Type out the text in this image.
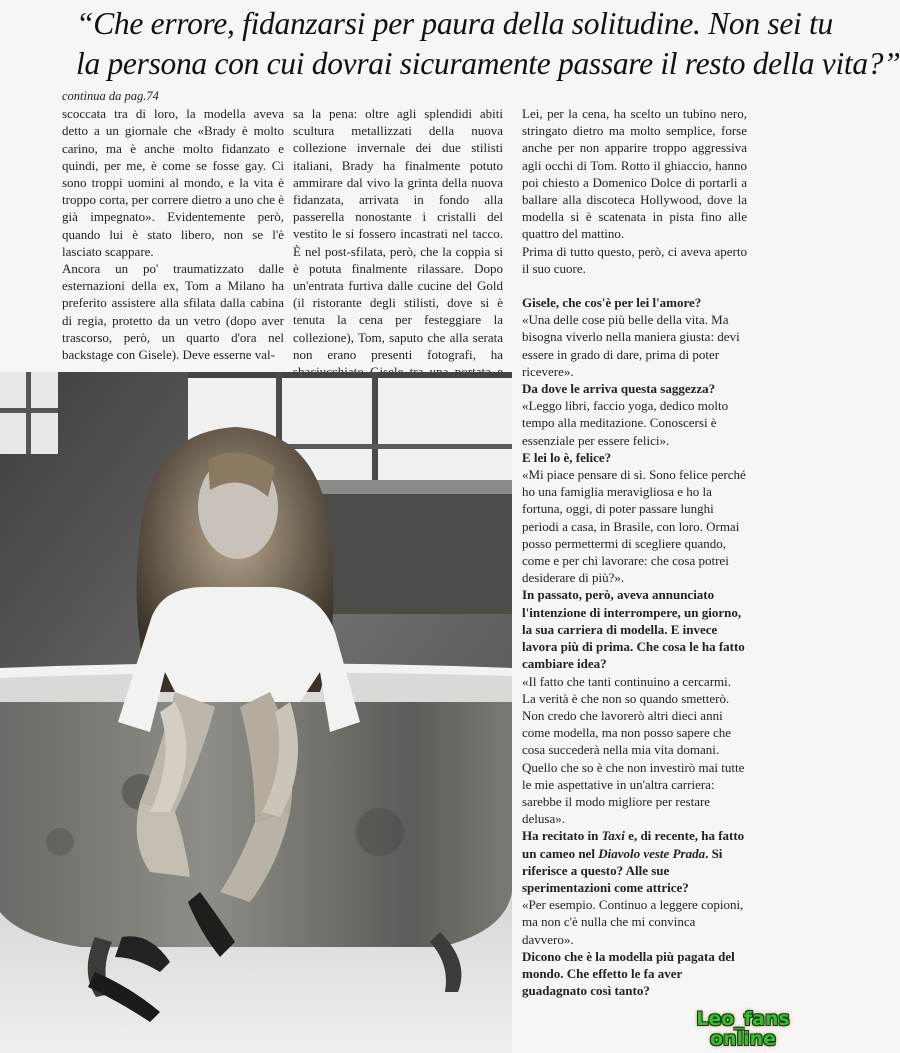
“Che errore, fidanzarsi per paura della solitudine. Non sei tu
la persona con cui dovrai sicuramente passare il resto della vita?”

continua da pag.74

scoccata tra di loro, la modella aveva detto a un giornale che «Brady è molto carino, ma è anche molto fidanzato e quindi, per me, è come se fosse gay. Ci sono troppi uomini al mondo, e la vita è troppo corta, per correre dietro a uno che è già impegnato». Evidentemente però, quando lui è stato libero, non se l'è lasciato scappare.

Ancora un po' traumatizzato dalle esternazioni della ex, Tom a Milano ha preferito assistere alla sfilata dalla cabina di regia, protetto da un vetro (dopo aver trascorso, però, un quarto d'ora nel backstage con Gisele). Deve esserne val-

sa la pena: oltre agli splendidi abiti scultura metallizzati della nuova collezione invernale dei due stilisti italiani, Brady ha finalmente potuto ammirare dal vivo la grinta della nuova fidanzata, arrivata in fondo alla passerella nonostante i cristalli del vestito le si fossero incastrati nel tacco. È nel post-sfilata, però, che la coppia si è potuta finalmente rilassare. Dopo un'entrata furtiva dalle cucine del Gold (il ristorante degli stilisti, dove si è tenuta la cena per festeggiare la collezione), Tom, saputo che alla serata non erano presenti fotografi, ha

Lei, per la cena, ha scelto un tubino nero, stringato dietro ma molto semplice, forse anche per non apparire troppo aggressiva agli occhi di Tom. Rotto il ghiaccio, hanno poi chiesto a Domenico Dolce di portarli a ballare alla discoteca Hollywood, dove la modella si è scatenata in pista fino alle quattro del mattino.

Prima di tutto questo, però, ci aveva aperto il suo cuore.

Gisele, che cos'è per lei l'amore?

«Una delle cose più belle della vita. Ma bisogna viverlo nella maniera giusta: devi essere in grado di dare, prima di poter ricevere».

Da dove le arriva questa saggezza?

«Leggo libri, faccio yoga, dedico molto tempo alla meditazione. Conoscersi è essenziale per essere felici».

E lei lo è, felice?

«Mi piace pensare di sì. Sono felice perché ho una famiglia meravigliosa e ho la fortuna, oggi, di poter passare lunghi periodi a casa, in Brasile, con loro. Ormai posso permettermi di scegliere quando, come e per chi lavorare: che cosa potrei desiderare di più?».

In passato, però, aveva annunciato l'intenzione di interrompere, un giorno, la sua carriera di modella. E invece lavora più di prima. Che cosa le ha fatto cambiare idea?

«Il fatto che tanti continuino a cercarmi. La verità è che non so quando smetterò. Non credo che lavorerò altri dieci anni come modella, ma non posso sapere che cosa succederà nella mia vita domani. Quello che so è che non investirò mai tutte le mie aspettative in un'altra carriera: sarebbe il modo migliore per restare delusa».

Ha recitato in Taxi e, di recente, ha fatto un cameo nel Diavolo veste Prada. Si riferisce a questo? Alle sue sperimentazioni come attrice?

«Per esempio. Continuo a leggere copioni, ma non c'è nulla che mi convinca davvero».

Dicono che è la modella più pagata del mondo. Che effetto le fa aver guadagnato così tanto?

Leo_fans
online
